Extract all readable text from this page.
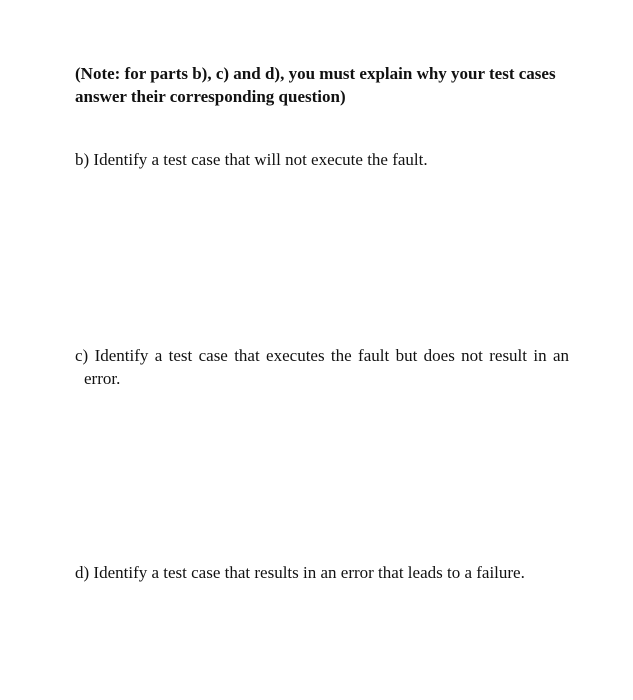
(Note: for parts b), c) and d), you must explain why your test cases answer their corresponding question)

b) Identify a test case that will not execute the fault.

c) Identify a test case that executes the fault but does not result in an error.

d) Identify a test case that results in an error that leads to a failure.
